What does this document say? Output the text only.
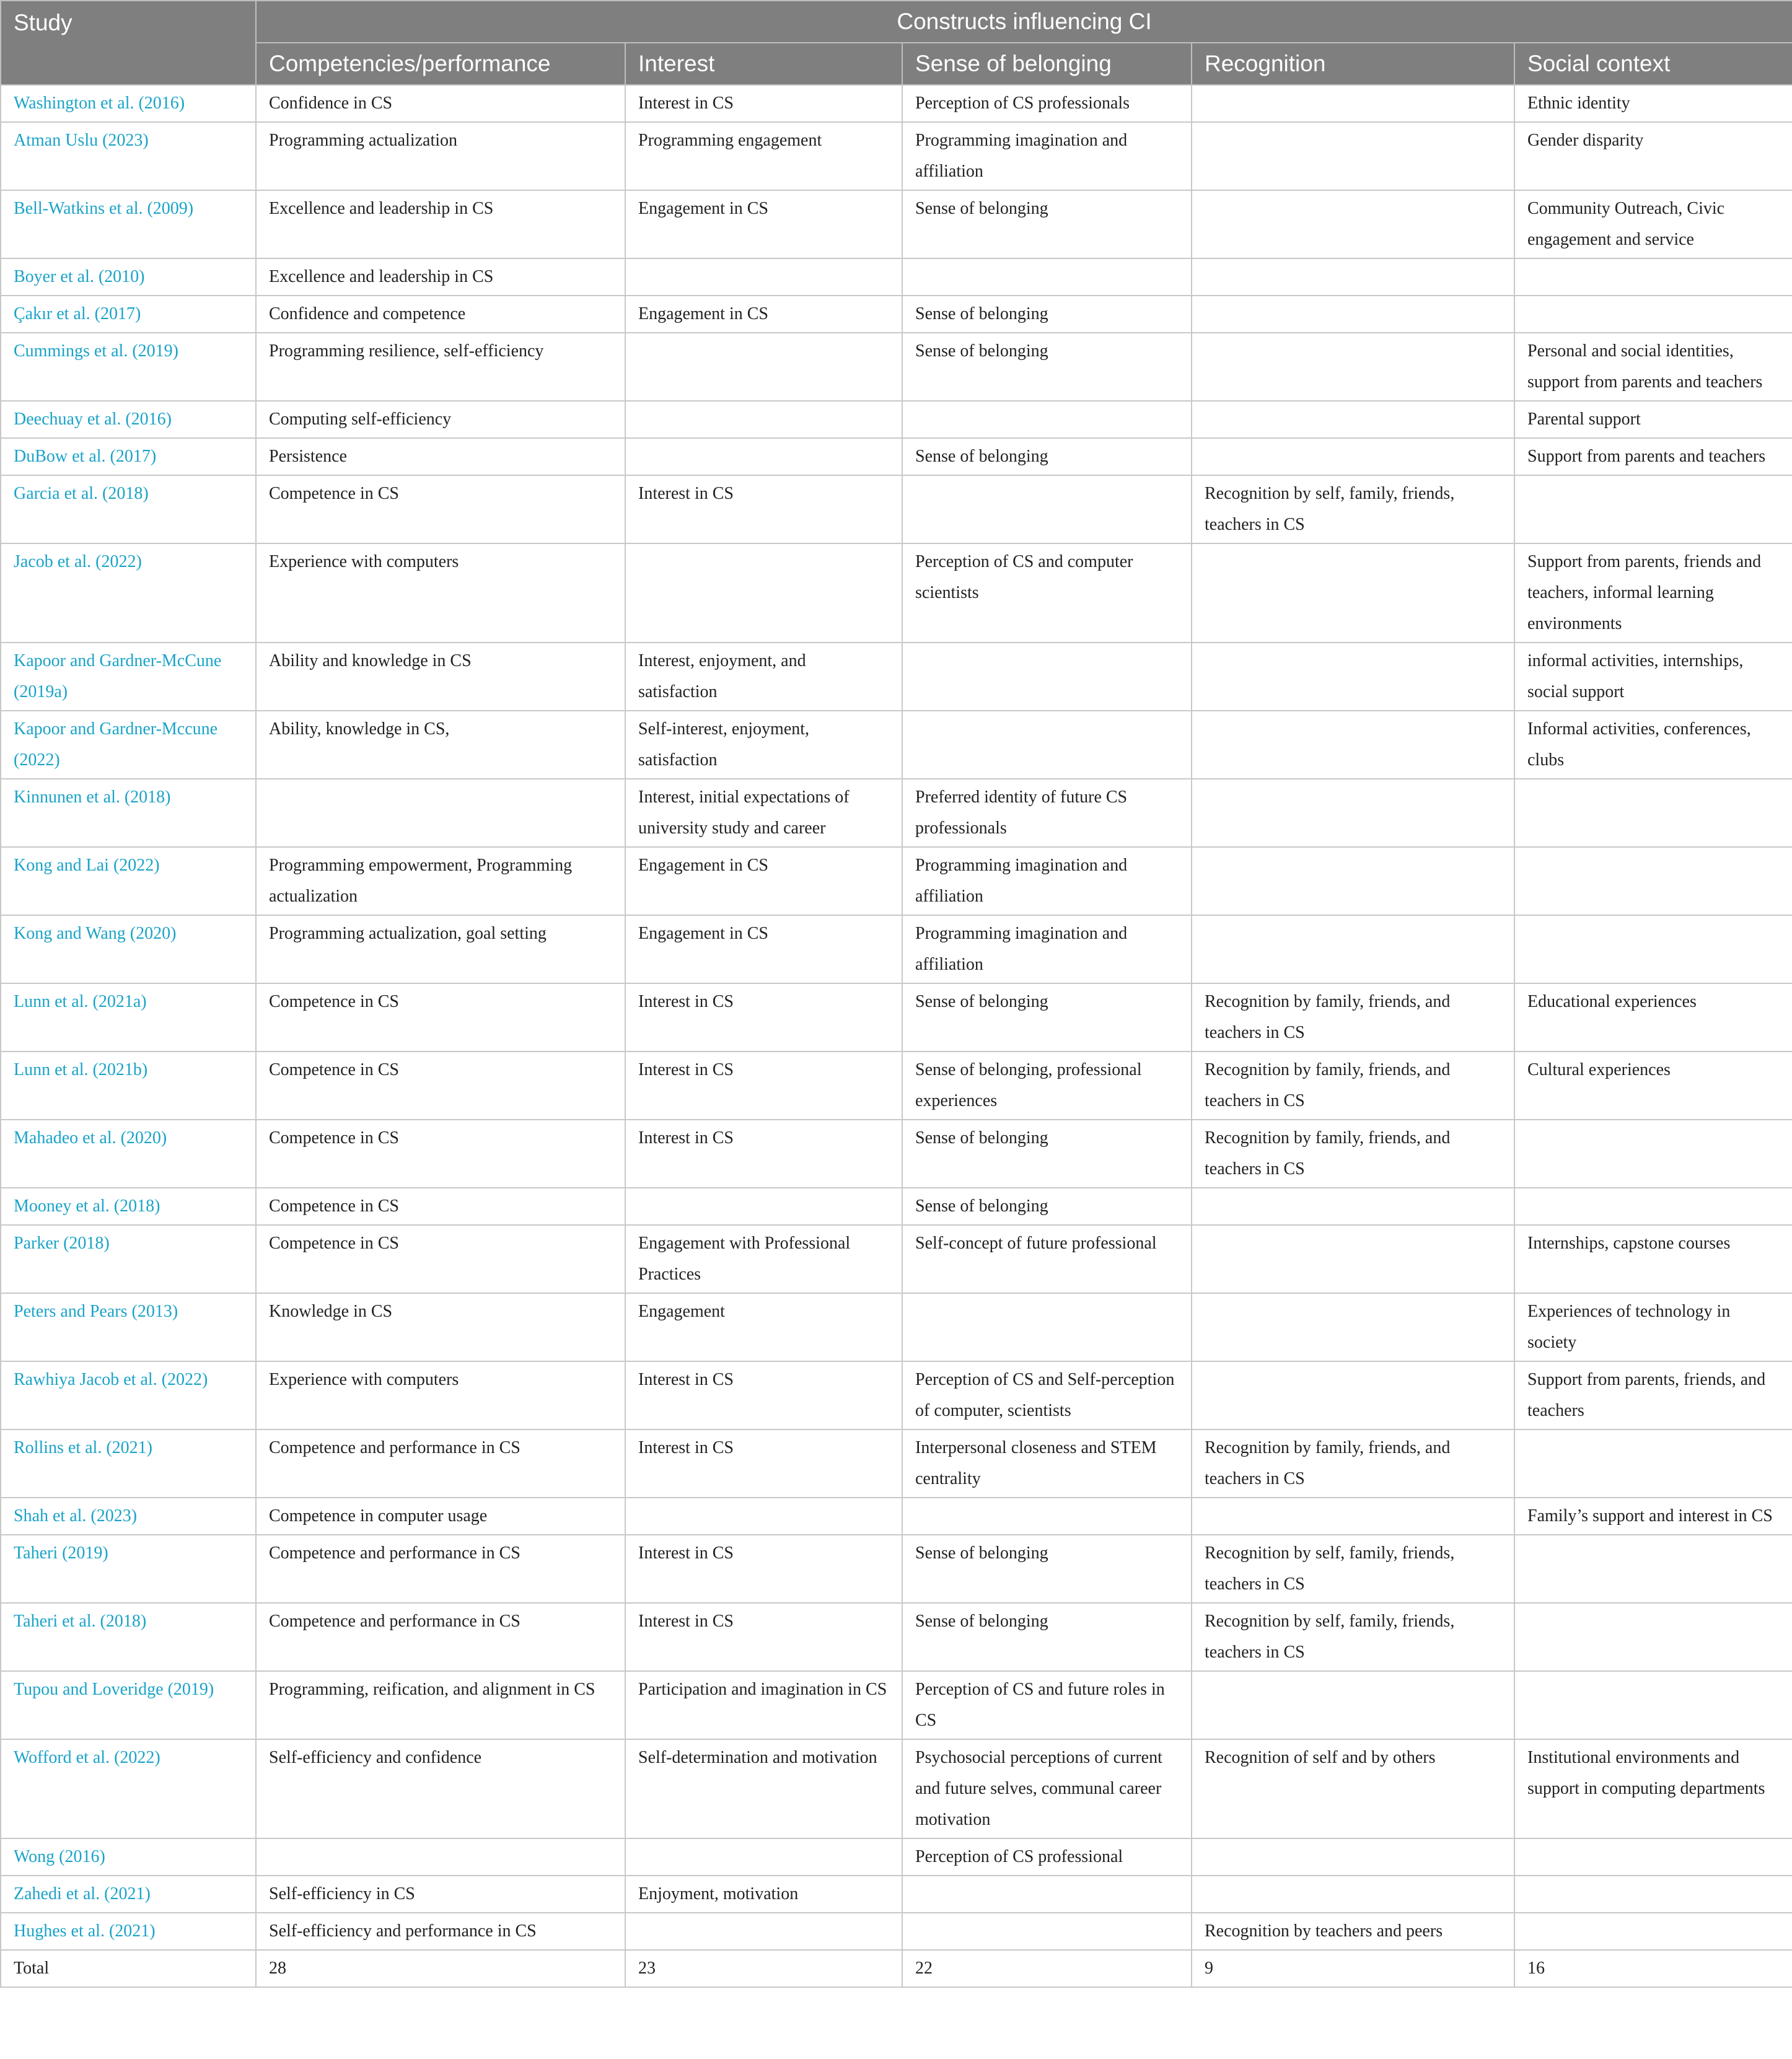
Study	Constructs influencing CI				
	Competencies/performance	Interest	Sense of belonging	Recognition	Social context
Washington et al. (2016)	Confidence in CS	Interest in CS	Perception of CS professionals		Ethnic identity
Atman Uslu (2023)	Programming actualization	Programming engagement	Programming imagination and affiliation		Gender disparity
Bell-Watkins et al. (2009)	Excellence and leadership in CS	Engagement in CS	Sense of belonging		Community Outreach, Civic engagement and service
Boyer et al. (2010)	Excellence and leadership in CS				
Çakır et al. (2017)	Confidence and competence	Engagement in CS	Sense of belonging		
Cummings et al. (2019)	Programming resilience, self-efficiency		Sense of belonging		Personal and social identities, support from parents and teachers
Deechuay et al. (2016)	Computing self-efficiency				Parental support
DuBow et al. (2017)	Persistence		Sense of belonging		Support from parents and teachers
Garcia et al. (2018)	Competence in CS	Interest in CS		Recognition by self, family, friends, teachers in CS	
Jacob et al. (2022)	Experience with computers		Perception of CS and computer scientists		Support from parents, friends and teachers, informal learning environments
Kapoor and Gardner-McCune (2019a)	Ability and knowledge in CS	Interest, enjoyment, and satisfaction			informal activities, internships, social support
Kapoor and Gardner-Mccune (2022)	Ability, knowledge in CS,	Self-interest, enjoyment, satisfaction			Informal activities, conferences, clubs
Kinnunen et al. (2018)		Interest, initial expectations of university study and career	Preferred identity of future CS professionals		
Kong and Lai (2022)	Programming empowerment, Programming actualization	Engagement in CS	Programming imagination and affiliation		
Kong and Wang (2020)	Programming actualization, goal setting	Engagement in CS	Programming imagination and affiliation		
Lunn et al. (2021a)	Competence in CS	Interest in CS	Sense of belonging	Recognition by family, friends, and teachers in CS	Educational experiences
Lunn et al. (2021b)	Competence in CS	Interest in CS	Sense of belonging, professional experiences	Recognition by family, friends, and teachers in CS	Cultural experiences
Mahadeo et al. (2020)	Competence in CS	Interest in CS	Sense of belonging	Recognition by family, friends, and teachers in CS	
Mooney et al. (2018)	Competence in CS		Sense of belonging		
Parker (2018)	Competence in CS	Engagement with Professional Practices	Self-concept of future professional		Internships, capstone courses
Peters and Pears (2013)	Knowledge in CS	Engagement			Experiences of technology in society
Rawhiya Jacob et al. (2022)	Experience with computers	Interest in CS	Perception of CS and Self-perception of computer, scientists		Support from parents, friends, and teachers
Rollins et al. (2021)	Competence and performance in CS	Interest in CS	Interpersonal closeness and STEM centrality	Recognition by family, friends, and teachers in CS	
Shah et al. (2023)	Competence in computer usage				Family’s support and interest in CS
Taheri (2019)	Competence and performance in CS	Interest in CS	Sense of belonging	Recognition by self, family, friends, teachers in CS	
Taheri et al. (2018)	Competence and performance in CS	Interest in CS	Sense of belonging	Recognition by self, family, friends, teachers in CS	
Tupou and Loveridge (2019)	Programming, reification, and alignment in CS	Participation and imagination in CS	Perception of CS and future roles in CS		
Wofford et al. (2022)	Self-efficiency and confidence	Self-determination and motivation	Psychosocial perceptions of current and future selves, communal career motivation	Recognition of self and by others	Institutional environments and support in computing departments
Wong (2016)			Perception of CS professional		
Zahedi et al. (2021)	Self-efficiency in CS	Enjoyment, motivation			
Hughes et al. (2021)	Self-efficiency and performance in CS			Recognition by teachers and peers	
Total	28	23	22	9	16
